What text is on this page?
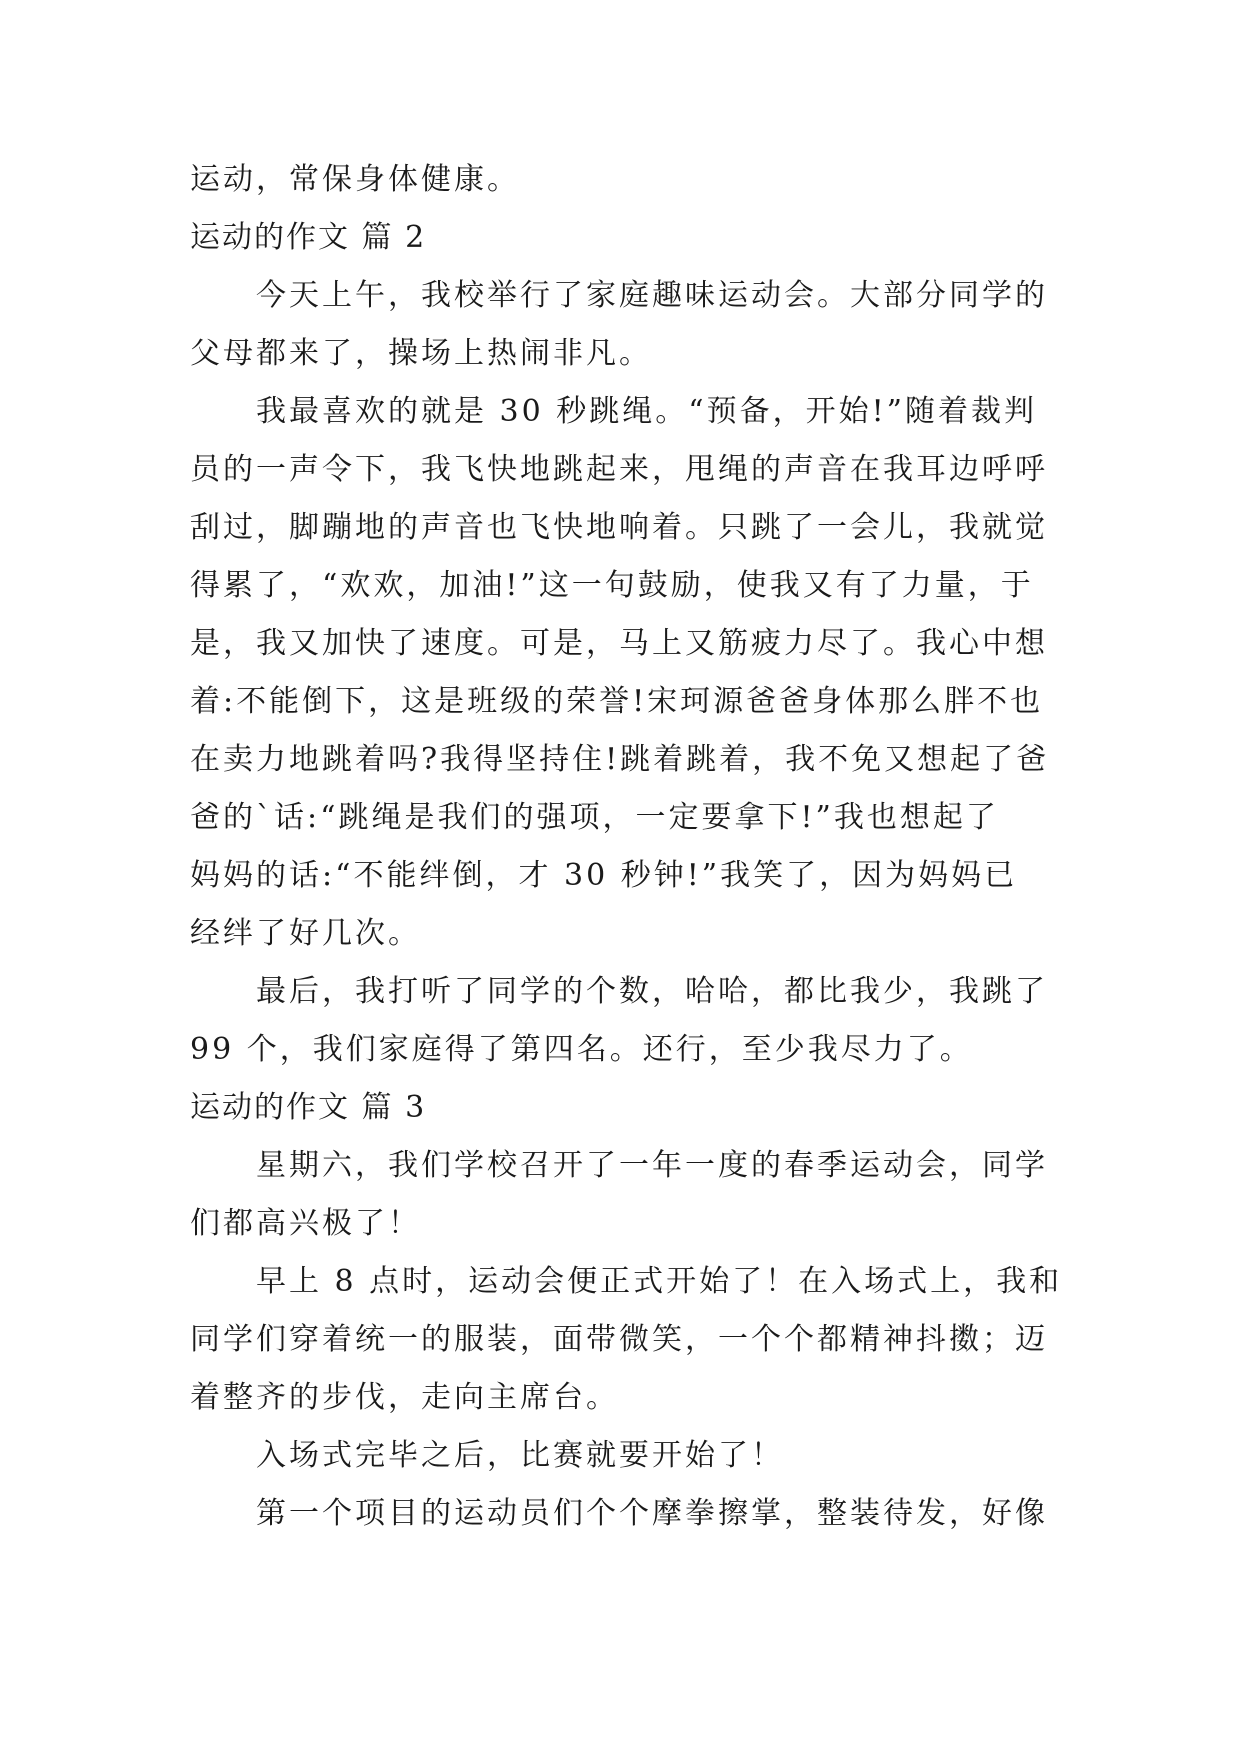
运动，常保身体健康。
运动的作文 篇 2
今天上午，我校举行了家庭趣味运动会。大部分同学的
父母都来了，操场上热闹非凡。
我最喜欢的就是 30 秒跳绳。“预备，开始!”随着裁判
员的一声令下，我飞快地跳起来，甩绳的声音在我耳边呼呼
刮过，脚蹦地的声音也飞快地响着。只跳了一会儿，我就觉
得累了，“欢欢，加油!”这一句鼓励，使我又有了力量，于
是，我又加快了速度。可是，马上又筋疲力尽了。我心中想
着:不能倒下，这是班级的荣誉!宋珂源爸爸身体那么胖不也
在卖力地跳着吗?我得坚持住!跳着跳着，我不免又想起了爸
爸的`话:“跳绳是我们的强项，一定要拿下!”我也想起了
妈妈的话:“不能绊倒，才 30 秒钟!”我笑了，因为妈妈已
经绊了好几次。
最后，我打听了同学的个数，哈哈，都比我少，我跳了
99 个，我们家庭得了第四名。还行，至少我尽力了。
运动的作文 篇 3
星期六，我们学校召开了一年一度的春季运动会，同学
们都高兴极了！
早上 8 点时，运动会便正式开始了！在入场式上，我和
同学们穿着统一的服装，面带微笑，一个个都精神抖擞；迈
着整齐的步伐，走向主席台。
入场式完毕之后，比赛就要开始了！
第一个项目的运动员们个个摩拳擦掌，整装待发，好像
